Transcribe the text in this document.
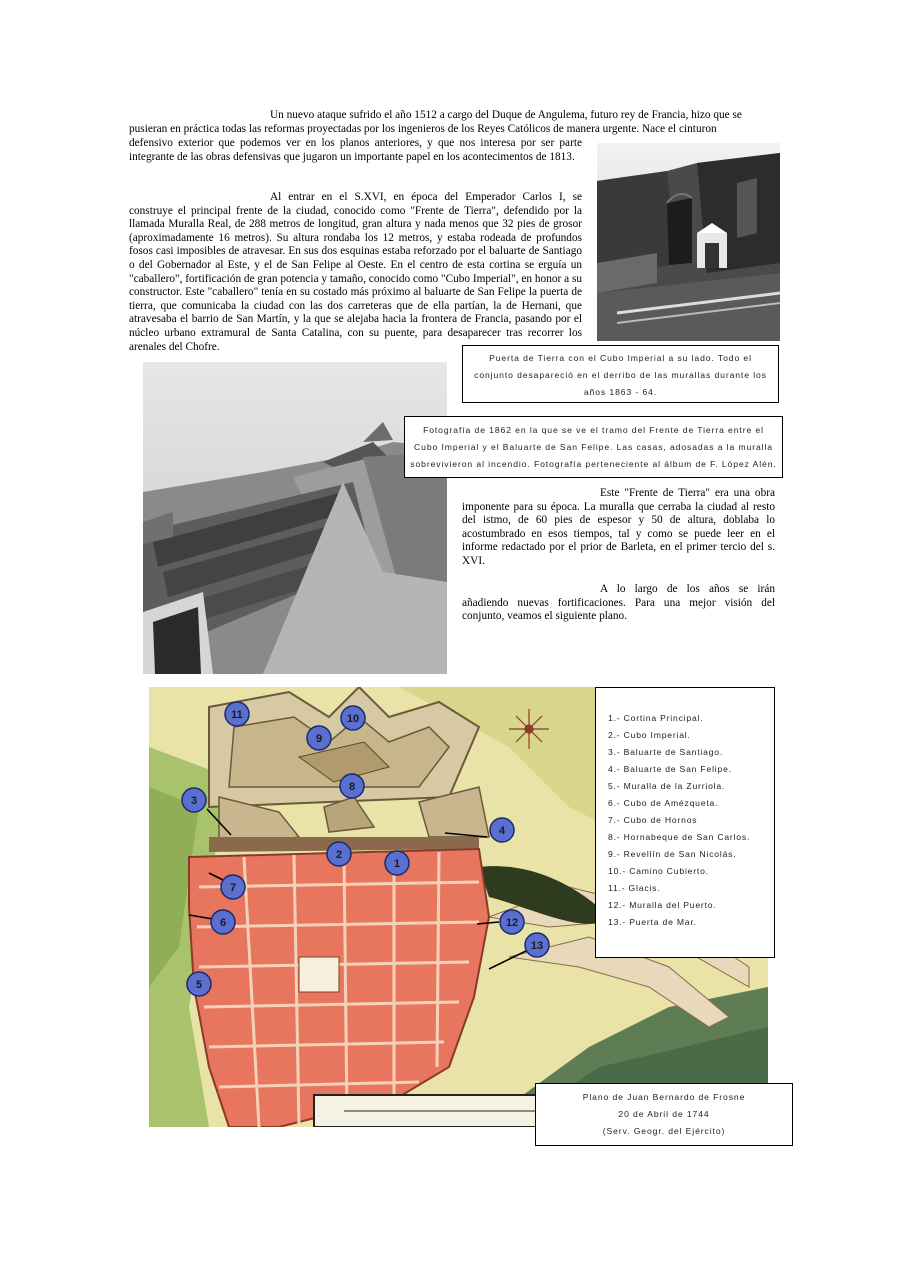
Un nuevo ataque sufrido el año 1512 a cargo del Duque de Angulema, futuro rey de Francia, hizo que se

pusieran en práctica todas las reformas proyectadas por los ingenieros de los Reyes Católicos de manera urgente. Nace el cinturon

defensivo exterior que podemos ver en los planos anteriores, y que nos interesa por ser parte integrante de las obras defensivas que jugaron un importante papel en los acontecimentos de 1813.

Al entrar en el S.XVI, en época del Emperador Carlos I, se construye el principal frente de la ciudad, conocido como "Frente de Tierra", defendido por la llamada Muralla Real, de 288 metros de longitud, gran altura y nada menos que 32 pies de grosor (aproximadamente 16 metros). Su altura rondaba los 12 metros, y estaba rodeada de profundos fosos casi imposibles de atravesar. En sus dos esquinas estaba reforzado por el baluarte de Santiago o del Gobernador al Este, y el de San Felipe al Oeste. En el centro de esta cortina se erguía un "caballero", fortificación de gran potencia y tamaño, conocido como "Cubo Imperial", en honor a su constructor. Este "caballero" tenía en su costado más próximo al baluarte de San Felipe la puerta de tierra, que comunicaba la ciudad con las dos carreteras que de ella partían, la de Hernani, que atravesaba el barrio de San Martín, y la que se alejaba hacia la frontera de Francia, pasando por el núcleo urbano extramural de Santa Catalina, con su puente, para desaparecer tras recorrer los arenales del Chofre.

Puerta de Tierra con el Cubo Imperial a su lado. Todo el
conjunto desapareció en el derribo de las murallas durante los
años 1863 - 64.
Fotografía de 1862 en la que se ve el tramo del Frente de Tierra entre el
Cubo Imperial y el Baluarte de San Felipe. Las casas, adosadas a la muralla
sobrevivieron al incendio. Fotografía perteneciente al álbum de F. López Alén.

Este "Frente de Tierra" era una obra imponente para su época. La muralla que cerraba la ciudad al resto del istmo, de 60 pies de espesor y 50 de altura, doblaba lo acostumbrado en esos tiempos, tal y como se puede leer en el informe redactado por el prior de Barleta, en el primer tercio del s. XVI.

A lo largo de los años se irán añadiendo nuevas fortificaciones. Para una mejor visión del conjunto, veamos el siguiente plano.

1
2
3
4
5
6
7
8
9
10
11
12
13
1.- Cortina Principal.
2.- Cubo Imperial.
3.- Baluarte de Santiago.
4.- Baluarte de San Felipe.
5.- Muralla de la Zurriola.
6.- Cubo de Amézqueta.
7.- Cubo de Hornos
8.- Hornabeque de San Carlos.
9.- Revellín de San Nicolás.
10.- Camino Cubierto.
11.- Glacis.
12.- Muralla del Puerto.
13.- Puerta de Mar.
Plano de Juan Bernardo de Frosne
20 de Abril de 1744
(Serv. Geogr. del Ejército)
